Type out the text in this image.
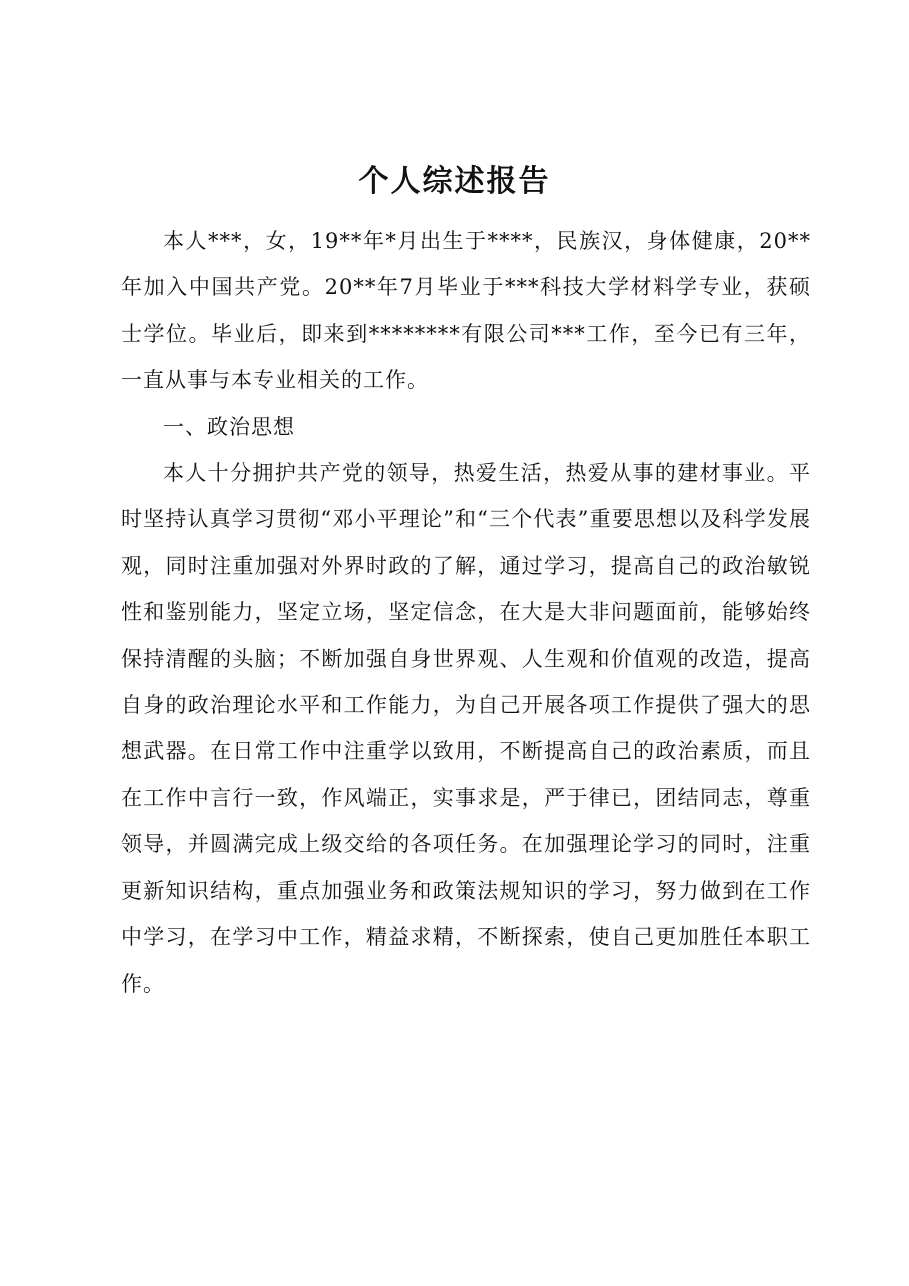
个人综述报告

本人***，女，19**年*月出生于****，民族汉，身体健康，20**年加入中国共产党。20**年7月毕业于***科技大学材料学专业，获硕士学位。毕业后，即来到********有限公司***工作，至今已有三年，一直从事与本专业相关的工作。

一、政治思想

本人十分拥护共产党的领导，热爱生活，热爱从事的建材事业。平时坚持认真学习贯彻“邓小平理论”和“三个代表”重要思想以及科学发展观，同时注重加强对外界时政的了解，通过学习，提高自己的政治敏锐性和鉴别能力，坚定立场，坚定信念，在大是大非问题面前，能够始终保持清醒的头脑；不断加强自身世界观、人生观和价值观的改造，提高自身的政治理论水平和工作能力，为自己开展各项工作提供了强大的思想武器。在日常工作中注重学以致用，不断提高自己的政治素质，而且在工作中言行一致，作风端正，实事求是，严于律已，团结同志，尊重领导，并圆满完成上级交给的各项任务。在加强理论学习的同时，注重更新知识结构，重点加强业务和政策法规知识的学习，努力做到在工作中学习，在学习中工作，精益求精，不断探索，使自己更加胜任本职工作。
